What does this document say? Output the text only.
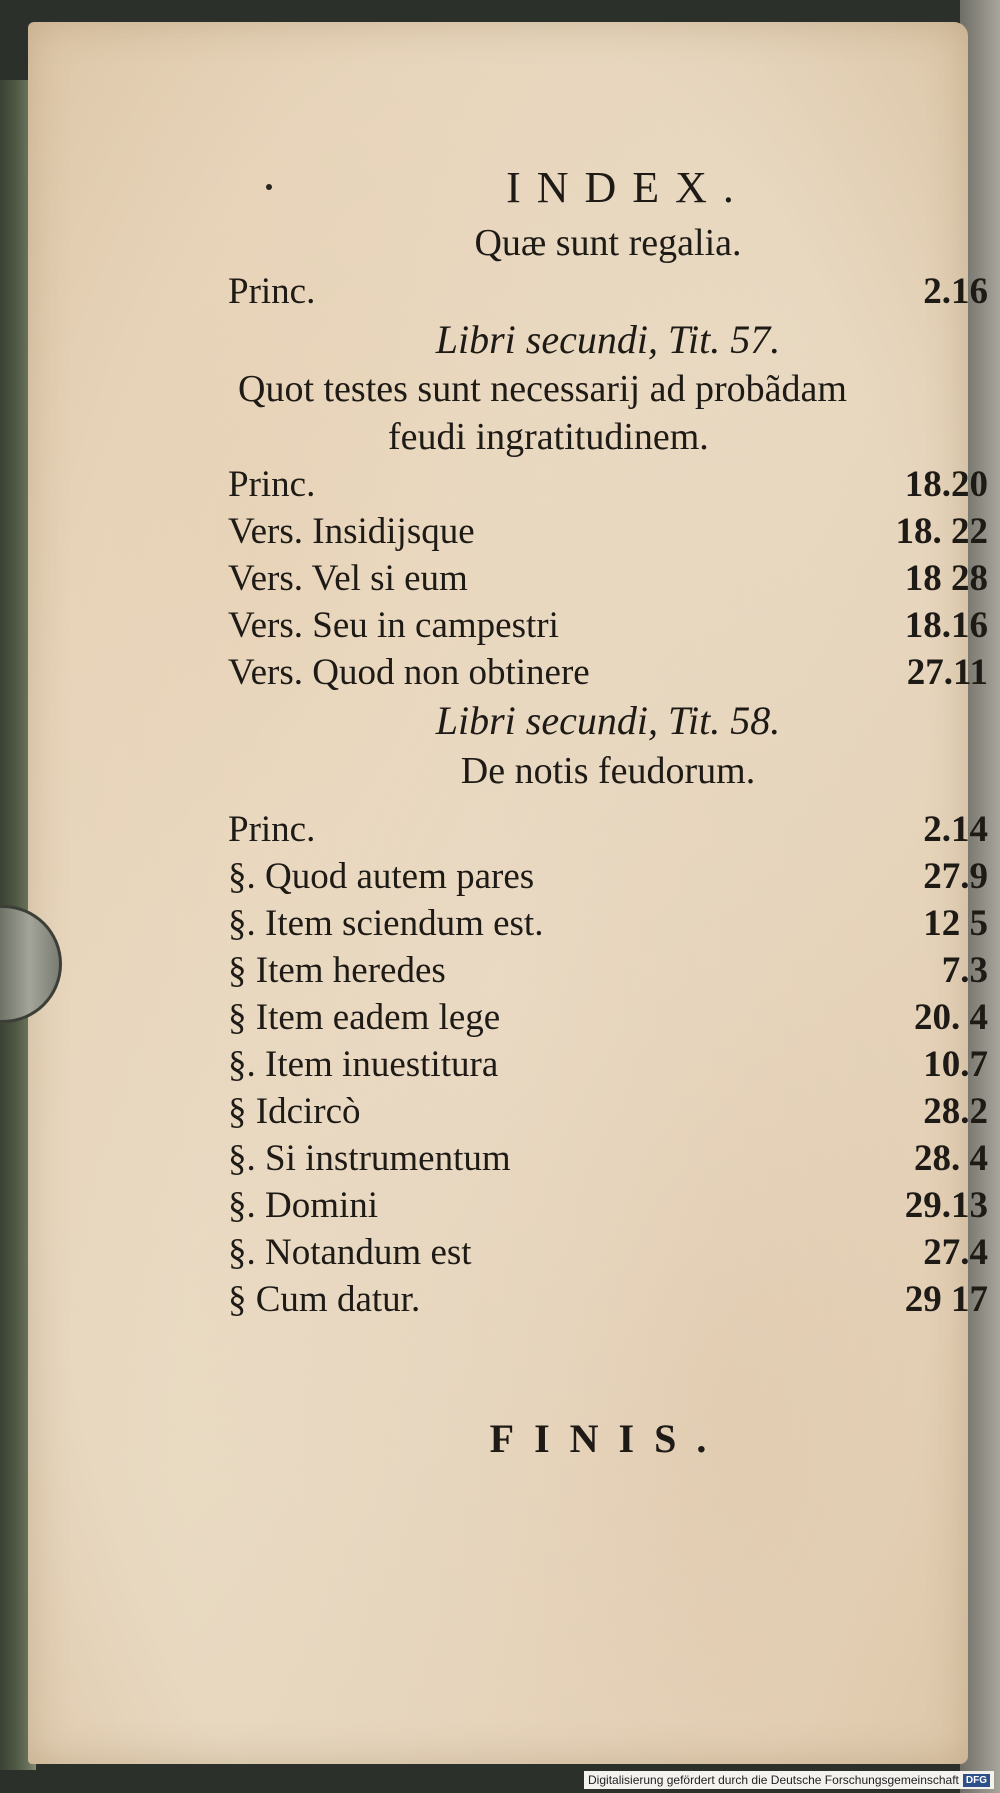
INDEX.
Quæ sunt regalia.
Princ.	2.16
Libri secundi, Tit. 57.
Quot testes sunt necessarij ad probãdam
feudi ingratitudinem.
Princ.	18.20
Vers. Insidijsque	18. 22
Vers. Vel si eum	18 28
Vers. Seu in campestri	18.16
Vers. Quod non obtinere	27.11
Libri secundi, Tit. 58.
De notis feudorum.
Princ.	2.14
§. Quod autem pares	27.9
§. Item sciendum est.	12 5
§ Item heredes	7.3
§ Item eadem lege	20. 4
§. Item inuestitura	10.7
§ Idcircò	28.2
§. Si instrumentum	28. 4
§. Domini	29.13
§. Notandum est	27.4
§ Cum datur.	29 17
FINIS.
Digitalisierung gefördert durch die Deutsche Forschungsgemeinschaft DFG
